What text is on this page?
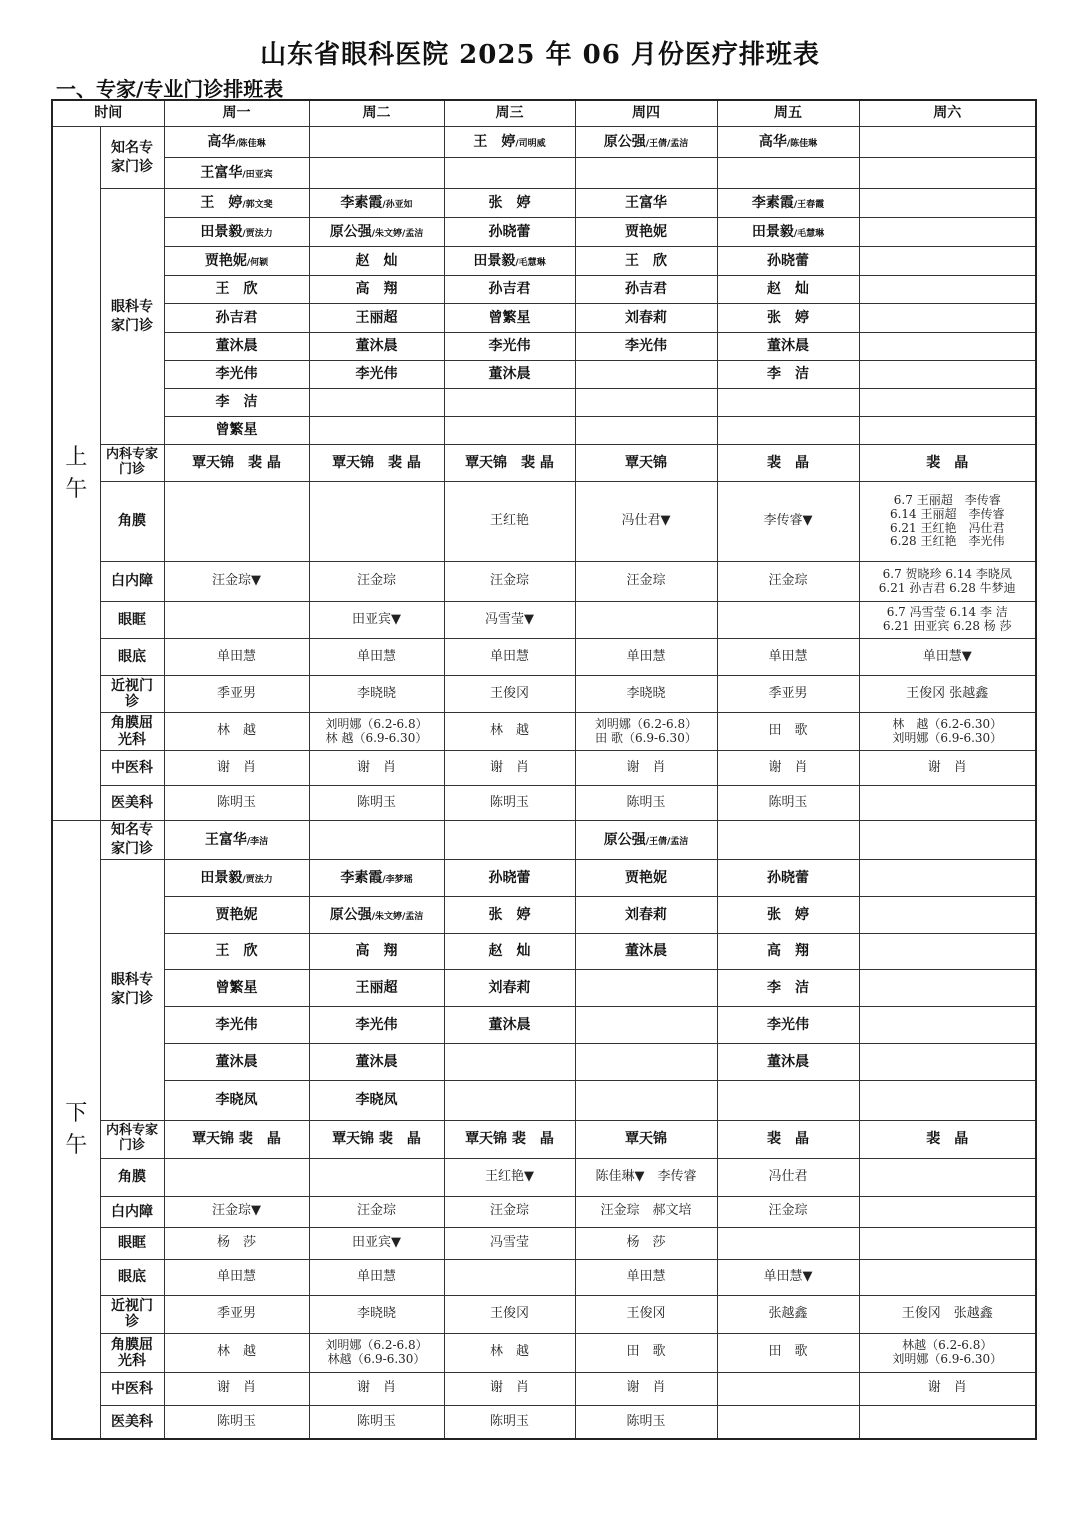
山东省眼科医院 2025 年 06 月份医疗排班表
一、专家/专业门诊排班表
时间		周一	周二	周三	周四	周五	周六
上午	知名专家门诊	高华/陈佳琳		王　婷/司明威	原公强/王倩/孟洁	高华/陈佳琳	
		王富华/田亚宾					
	眼科专家门诊	王　婷/郭文斐	李素霞/孙亚如	张　婷	王富华	李素霞/王春霞	
		田景毅/贾法力	原公强/朱文婷/孟洁	孙晓蕾	贾艳妮	田景毅/毛慧琳	
		贾艳妮/何颖	赵　灿	田景毅/毛慧琳	王　欣	孙晓蕾	
		王　欣	高　翔	孙吉君	孙吉君	赵　灿	
		孙吉君	王丽超	曾繁星	刘春莉	张　婷	
		董沐晨	董沐晨	李光伟	李光伟	董沐晨	
		李光伟	李光伟	董沐晨		李　洁	
		李　洁					
		曾繁星					
	内科专家门诊	覃天锦　裴 晶	覃天锦　裴 晶	覃天锦　裴 晶	覃天锦	裴　晶	裴　晶
	角膜			王红艳	冯仕君▼	李传睿▼	6.7 王丽超　李传睿
6.14 王丽超　李传睿
6.21 王红艳　冯仕君
6.28 王红艳　李光伟

	白内障	汪金琮▼	汪金琮	汪金琮	汪金琮	汪金琮	6.7 贺晓珍 6.14 李晓凤
6.21 孙吉君 6.28 牛梦迪

	眼眶		田亚宾▼	冯雪莹▼			6.7 冯雪莹 6.14 李 洁
6.21 田亚宾 6.28 杨 莎

	眼底	单田慧	单田慧	单田慧	单田慧	单田慧	单田慧▼

	近视门诊	季亚男	李晓晓	王俊冈	李晓晓	季亚男	王俊冈 张越鑫

	角膜屈光科	林　越	刘明娜（6.2-6.8）
林 越（6.9-6.30）	林　越	刘明娜（6.2-6.8）
田 歌（6.9-6.30）	田　歌	林　越（6.2-6.30）
刘明娜（6.9-6.30）

	中医科	谢　肖	谢　肖	谢　肖	谢　肖	谢　肖	谢　肖

	医美科	陈明玉	陈明玉	陈明玉	陈明玉	陈明玉	

下午	知名专家门诊	王富华/李洁			原公强/王倩/孟洁		
	眼科专家门诊	田景毅/贾法力	李素霞/李梦瑶	孙晓蕾	贾艳妮	孙晓蕾	
		贾艳妮	原公强/朱文婷/孟洁	张　婷	刘春莉	张　婷	
		王　欣	高　翔	赵　灿	董沐晨	高　翔	
		曾繁星	王丽超	刘春莉		李　洁	
		李光伟	李光伟	董沐晨		李光伟	
		董沐晨	董沐晨			董沐晨	
		李晓凤	李晓凤				
	内科专家门诊	覃天锦 裴　晶	覃天锦 裴　晶	覃天锦 裴　晶	覃天锦	裴　晶	裴　晶
	角膜			王红艳▼	陈佳琳▼　李传睿	冯仕君	

	白内障	汪金琮▼	汪金琮	汪金琮	汪金琮　郝文培	汪金琮	

	眼眶	杨　莎	田亚宾▼	冯雪莹	杨　莎		

	眼底	单田慧	单田慧		单田慧	单田慧▼	

	近视门诊	季亚男	李晓晓	王俊冈	王俊冈	张越鑫	王俊冈　张越鑫

	角膜屈光科	林　越	刘明娜（6.2-6.8）
林越（6.9-6.30）	林　越	田　歌	田　歌	林越（6.2-6.8）
刘明娜（6.9-6.30）

	中医科	谢　肖	谢　肖	谢　肖	谢　肖		谢　肖

	医美科	陈明玉	陈明玉	陈明玉	陈明玉		
